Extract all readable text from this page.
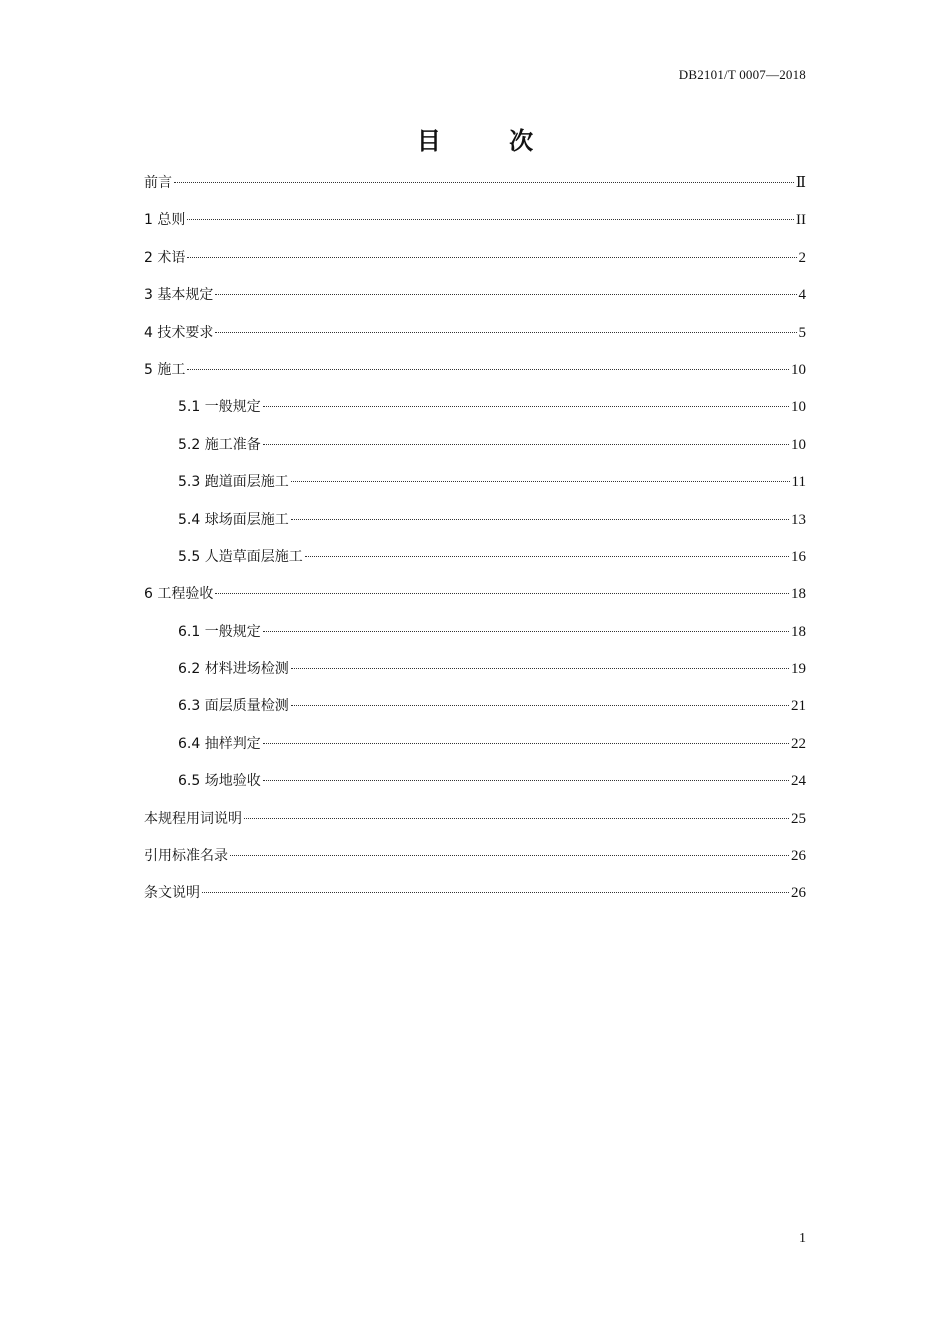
DB2101/T 0007—2018
目 次
前言	Ⅱ
1 总则	II
2 术语	2
3 基本规定	4
4 技术要求	5
5 施工	10
5.1 一般规定	10
5.2 施工准备	10
5.3 跑道面层施工	11
5.4 球场面层施工	13
5.5 人造草面层施工	16
6 工程验收	18
6.1 一般规定	18
6.2 材料进场检测	19
6.3 面层质量检测	21
6.4 抽样判定	22
6.5 场地验收	24
本规程用词说明	25
引用标准名录	26
条文说明	26
1
